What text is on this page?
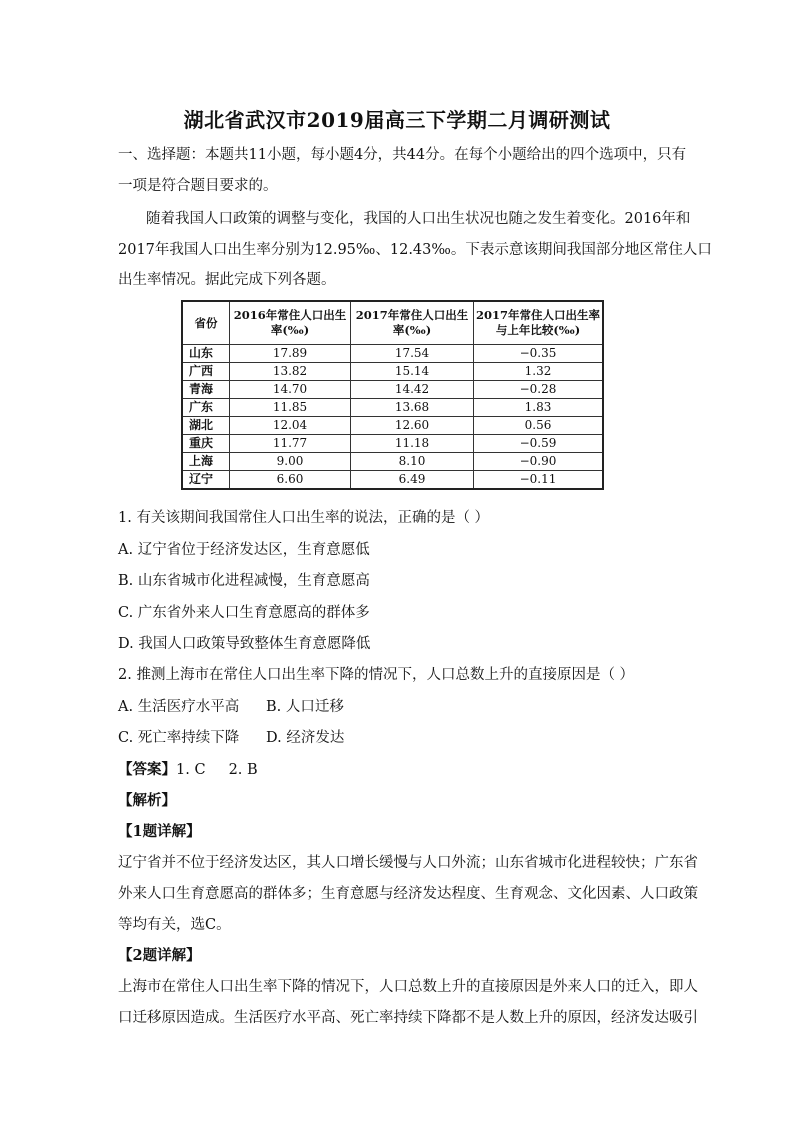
湖北省武汉市2019届高三下学期二月调研测试
一、选择题：本题共11小题，每小题4分，共44分。在每个小题给出的四个选项中，只有
一项是符合题目要求的。
随着我国人口政策的调整与变化，我国的人口出生状况也随之发生着变化。2016年和
2017年我国人口出生率分别为12.95‰、12.43‰。下表示意该期间我国部分地区常住人口
出生率情况。据此完成下列各题。
省份	2016年常住人口出生率(‰)	2017年常住人口出生率(‰)	2017年常住人口出生率与上年比较(‰)
山东	17.89	17.54	−0.35
广西	13.82	15.14	1.32
青海	14.70	14.42	−0.28
广东	11.85	13.68	1.83
湖北	12.04	12.60	0.56
重庆	11.77	11.18	−0.59
上海	9.00	8.10	−0.90
辽宁	6.60	6.49	−0.11
1. 有关该期间我国常住人口出生率的说法，正确的是（ ）
A. 辽宁省位于经济发达区，生育意愿低
B. 山东省城市化进程减慢，生育意愿高
C. 广东省外来人口生育意愿高的群体多
D. 我国人口政策导致整体生育意愿降低
2. 推测上海市在常住人口出生率下降的情况下，人口总数上升的直接原因是（ ）
A. 生活医疗水平高 B. 人口迁移
C. 死亡率持续下降 D. 经济发达
【答案】1. C     2. B
【解析】
【1题详解】
辽宁省并不位于经济发达区，其人口增长缓慢与人口外流；山东省城市化进程较快；广东省
外来人口生育意愿高的群体多；生育意愿与经济发达程度、生育观念、文化因素、人口政策
等均有关，选C。
【2题详解】
上海市在常住人口出生率下降的情况下，人口总数上升的直接原因是外来人口的迁入，即人
口迁移原因造成。生活医疗水平高、死亡率持续下降都不是人数上升的原因，经济发达吸引
